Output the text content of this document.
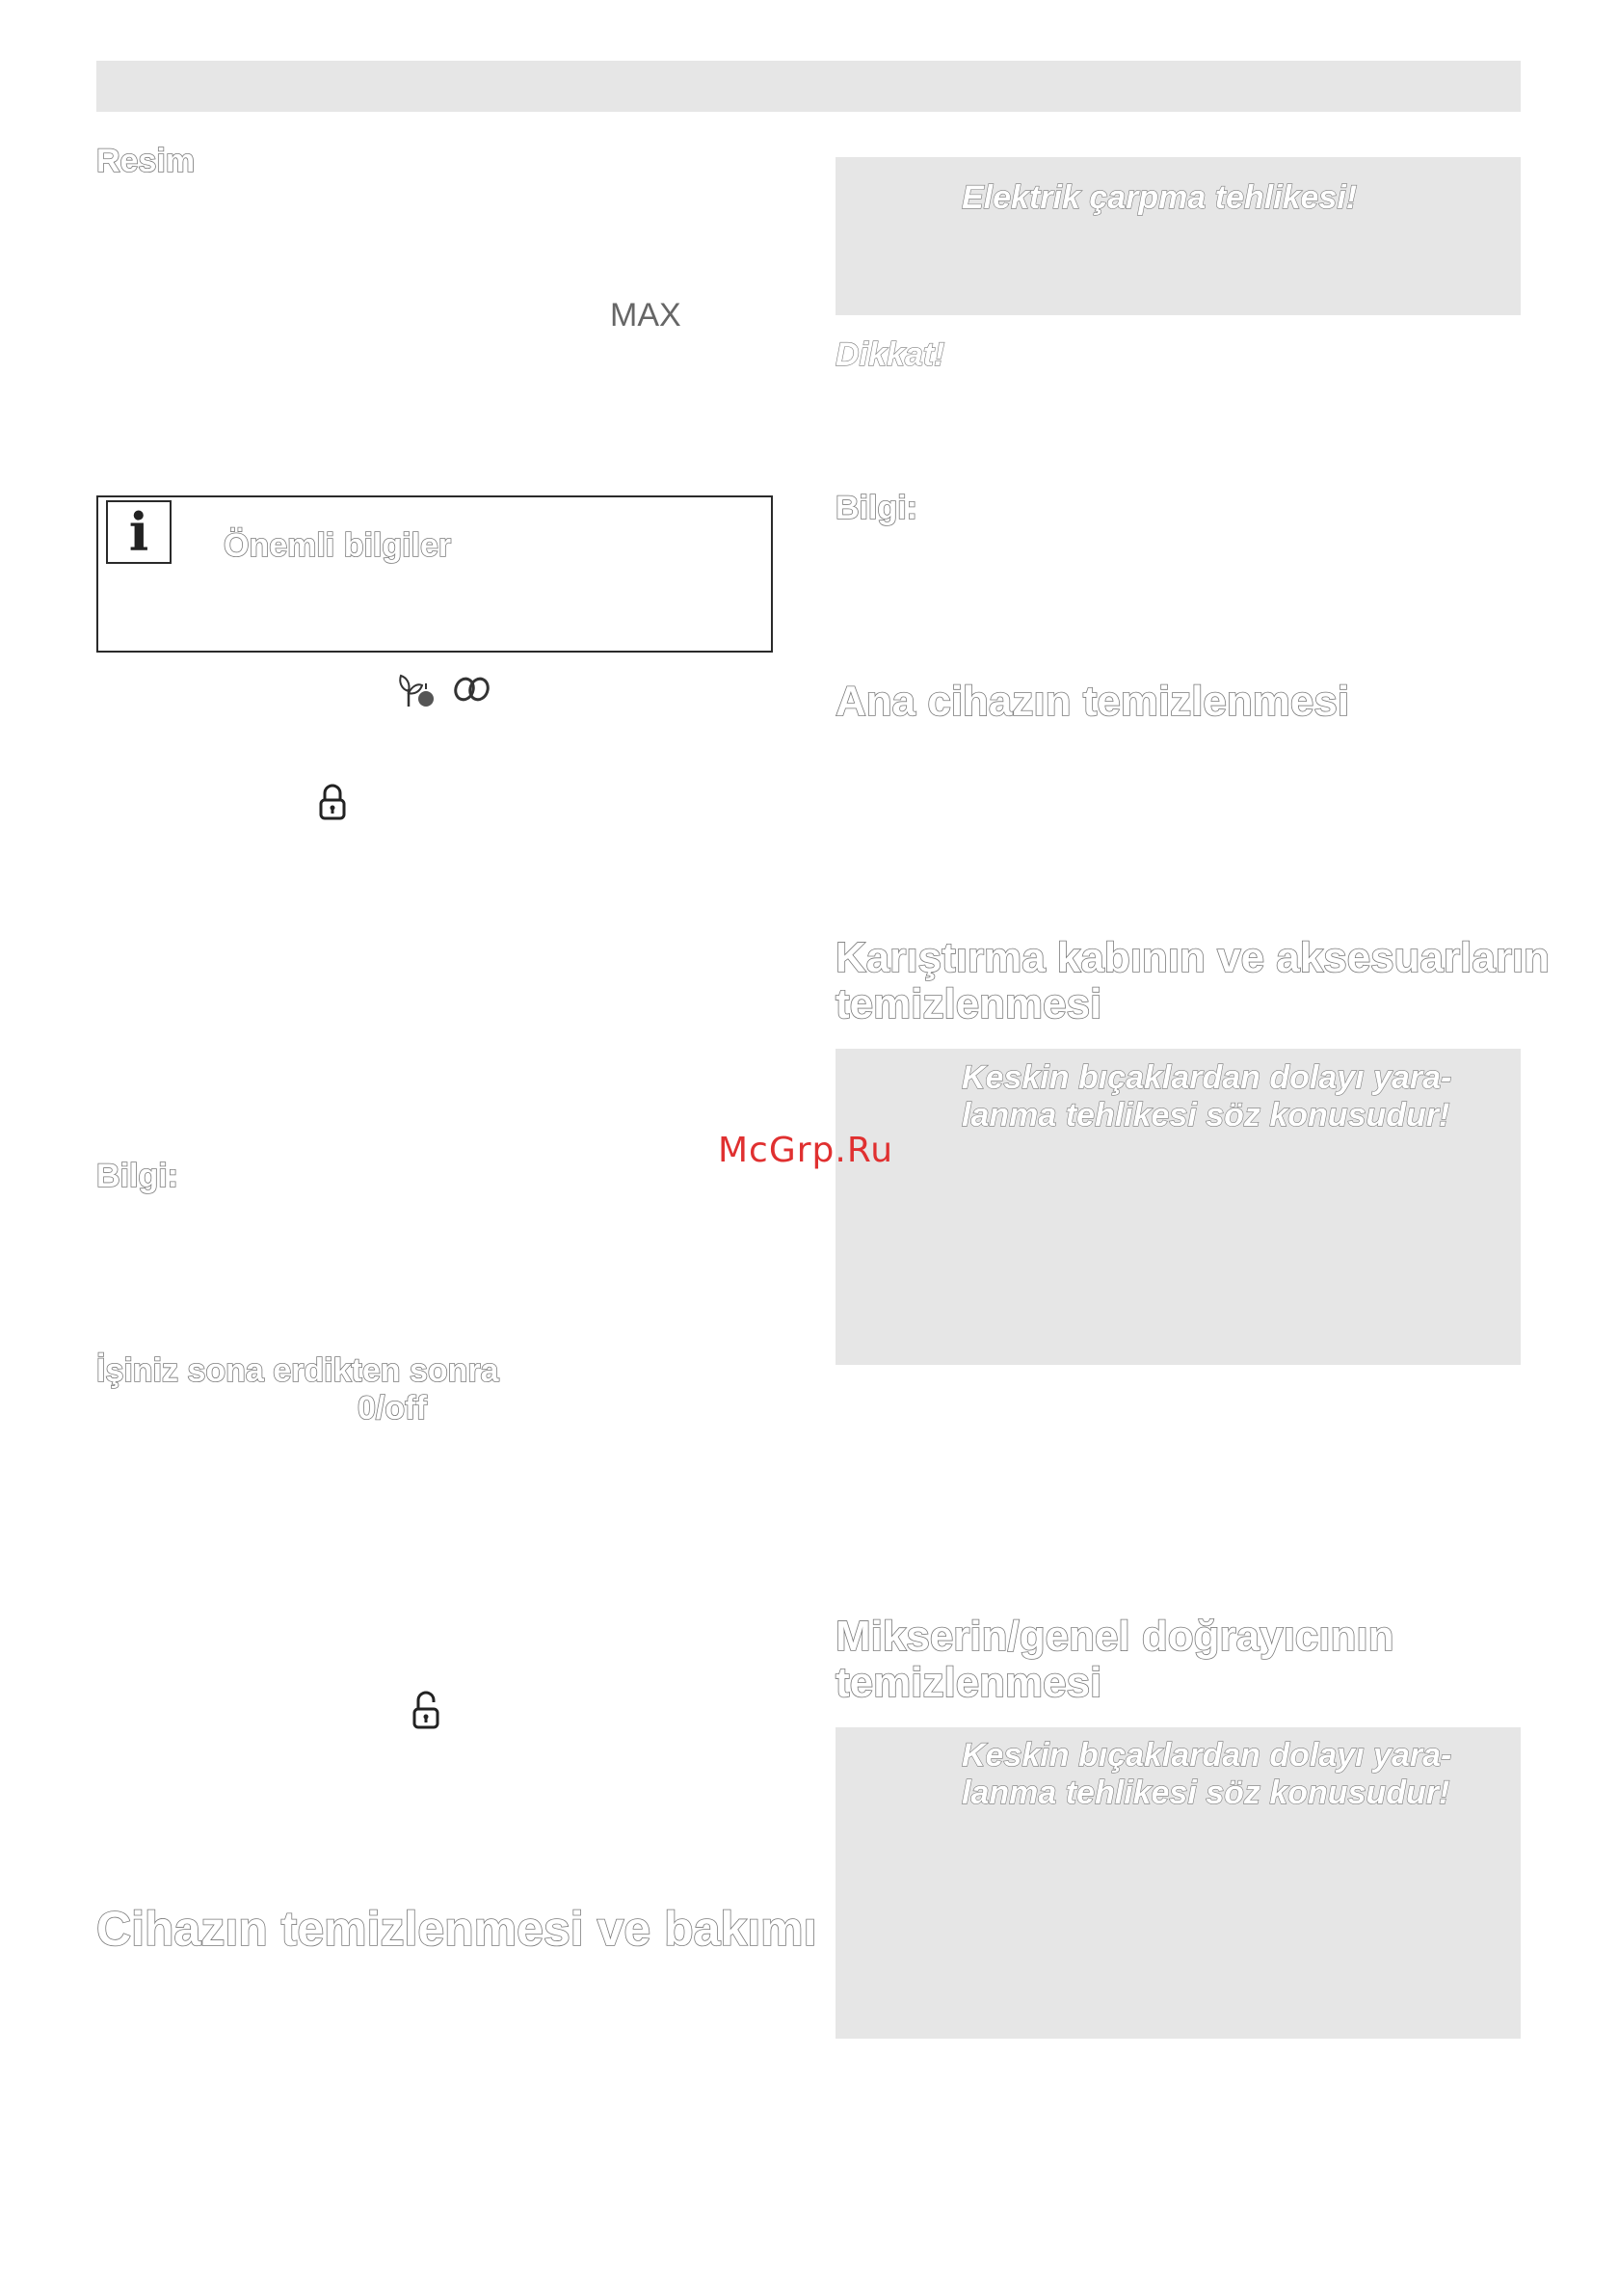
Resim
MAX
i	Önemli bilgiler
Bilgi:
İşiniz sona erdikten sonra
0/off
Cihazın temizlenmesi ve bakımı
Elektrik çarpma tehlikesi!
Dikkat!
Bilgi:
Ana cihazın temizlenmesi
Karıştırma kabının ve aksesuarların
temizlenmesi
Keskin bıçaklardan dolayı yara-
lanma tehlikesi söz konusudur!
Mikserin/genel doğrayıcının
temizlenmesi
Keskin bıçaklardan dolayı yara-
lanma tehlikesi söz konusudur!
McGrp.Ru
